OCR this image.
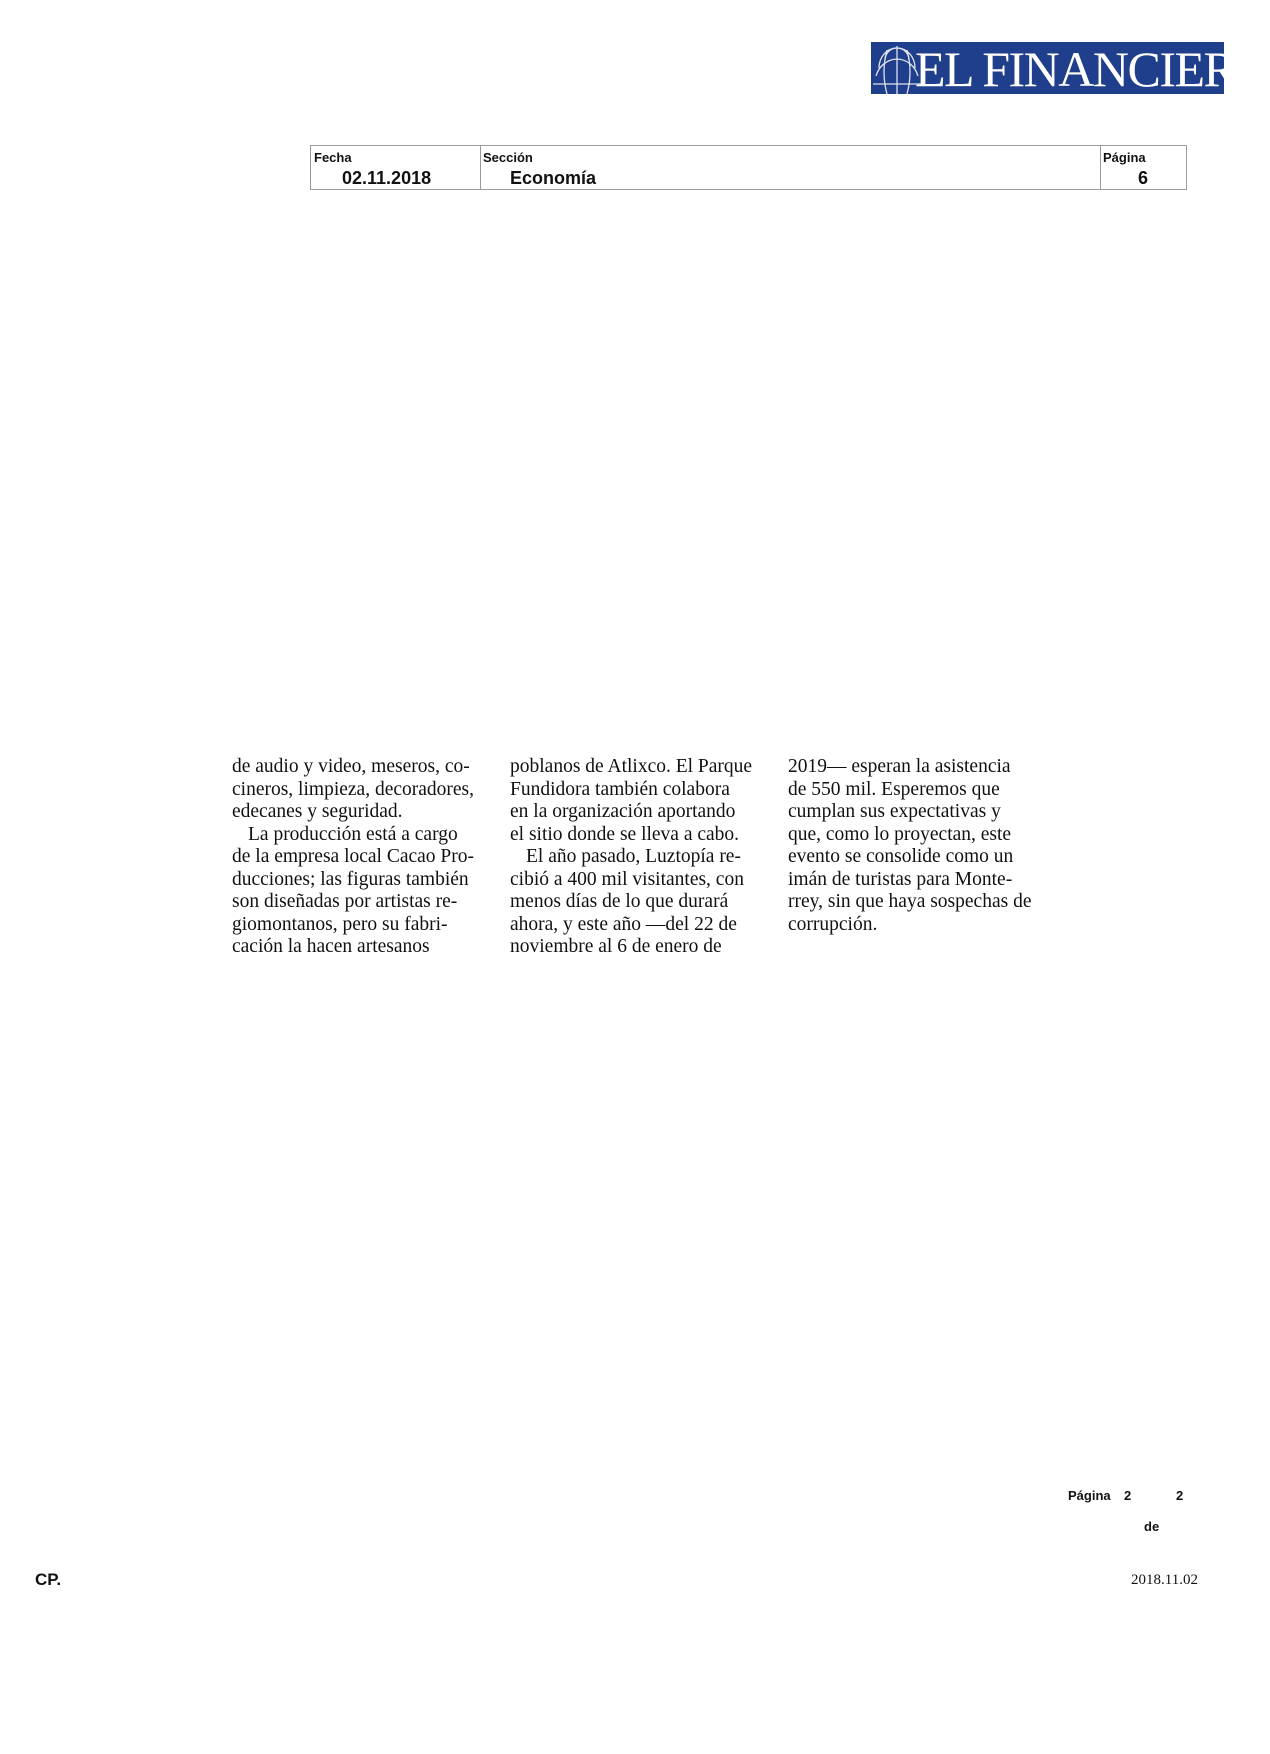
EL FINANCIERO
Fecha
02.11.2018
Sección
Economía
Página
6
de audio y video, meseros, co-
cineros, limpieza, decoradores,
edecanes y seguridad.
La producción está a cargo
de la empresa local Cacao Pro-
ducciones; las figuras también
son diseñadas por artistas re-
giomontanos, pero su fabri-
cación la hacen artesanos
poblanos de Atlixco. El Parque
Fundidora también colabora
en la organización aportando
el sitio donde se lleva a cabo.
El año pasado, Luztopía re-
cibió a 400 mil visitantes, con
menos días de lo que durará
ahora, y este año —del 22 de
noviembre al 6 de enero de
2019— esperan la asistencia
de 550 mil. Esperemos que
cumplan sus expectativas y
que, como lo proyectan, este
evento se consolide como un
imán de turistas para Monte-
rrey, sin que haya sospechas de
corrupción.
Página 2	2
de
CP.	2018.11.02
